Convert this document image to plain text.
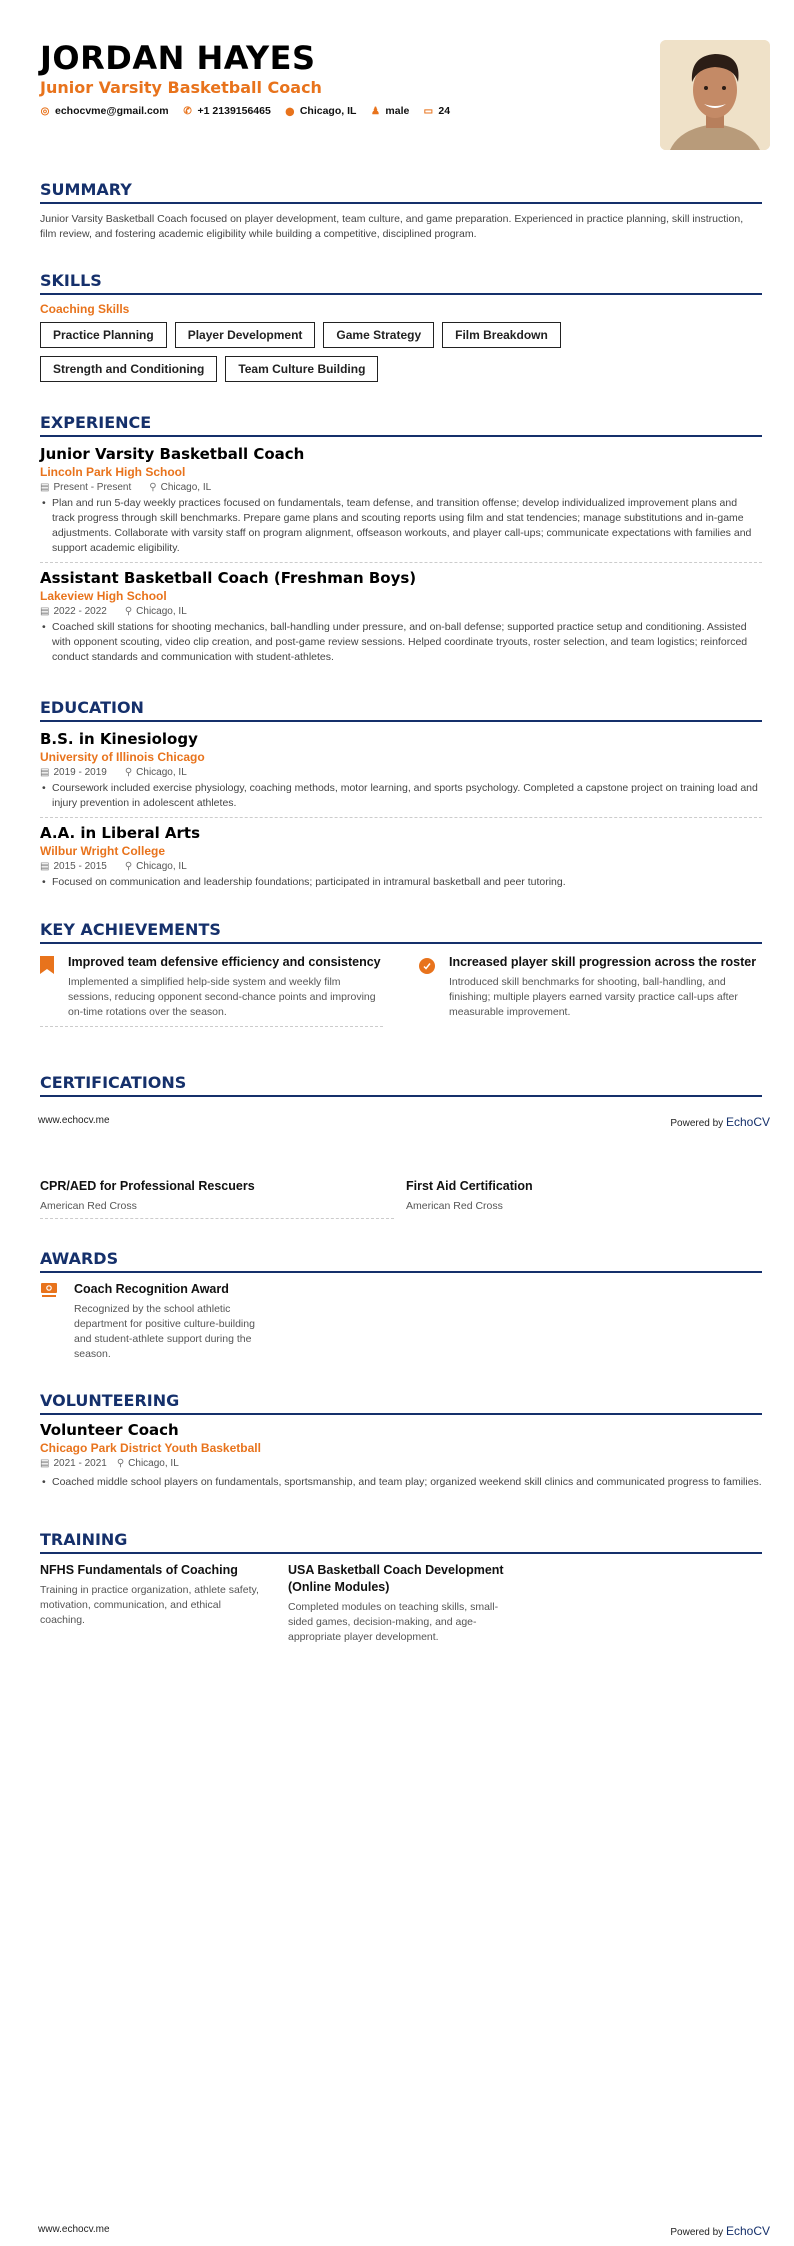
JORDAN HAYES
Junior Varsity Basketball Coach
◎ echocvme@gmail.com ✆ +1 2139156465 ⬤ Chicago, IL ♟ male ▭ 24
SUMMARY
Junior Varsity Basketball Coach focused on player development, team culture, and game preparation. Experienced in practice planning, skill instruction, film review, and fostering academic eligibility while building a competitive, disciplined program.
SKILLS
Coaching Skills
Practice Planning	Player Development	Game Strategy	Film Breakdown
Strength and Conditioning	Team Culture Building
EXPERIENCE
Junior Varsity Basketball Coach
Lincoln Park High School
▤ Present - Present ⚲ Chicago, IL
• Plan and run 5-day weekly practices focused on fundamentals, team defense, and transition offense; develop individualized improvement plans and track progress through skill benchmarks. Prepare game plans and scouting reports using film and stat tendencies; manage substitutions and in-game adjustments. Collaborate with varsity staff on program alignment, offseason workouts, and player call-ups; communicate expectations with families and support academic eligibility.
Assistant Basketball Coach (Freshman Boys)
Lakeview High School
▤ 2022 - 2022 ⚲ Chicago, IL
• Coached skill stations for shooting mechanics, ball-handling under pressure, and on-ball defense; supported practice setup and conditioning. Assisted with opponent scouting, video clip creation, and post-game review sessions. Helped coordinate tryouts, roster selection, and team logistics; reinforced conduct standards and communication with student-athletes.
EDUCATION
B.S. in Kinesiology
University of Illinois Chicago
▤ 2019 - 2019 ⚲ Chicago, IL
• Coursework included exercise physiology, coaching methods, motor learning, and sports psychology. Completed a capstone project on training load and injury prevention in adolescent athletes.
A.A. in Liberal Arts
Wilbur Wright College
▤ 2015 - 2015 ⚲ Chicago, IL
• Focused on communication and leadership foundations; participated in intramural basketball and peer tutoring.
KEY ACHIEVEMENTS
Improved team defensive efficiency and consistency
Implemented a simplified help-side system and weekly film sessions, reducing opponent second-chance points and improving on-time rotations over the season.
Increased player skill progression across the roster
Introduced skill benchmarks for shooting, ball-handling, and finishing; multiple players earned varsity practice call-ups after measurable improvement.
CERTIFICATIONS
www.echocv.me	Powered by EchoCV
CPR/AED for Professional Rescuers
American Red Cross
First Aid Certification
American Red Cross
AWARDS
Coach Recognition Award
Recognized by the school athletic department for positive culture-building and student-athlete support during the season.
VOLUNTEERING
Volunteer Coach
Chicago Park District Youth Basketball
▤ 2021 - 2021 ⚲ Chicago, IL
• Coached middle school players on fundamentals, sportsmanship, and team play; organized weekend skill clinics and communicated progress to families.
TRAINING
NFHS Fundamentals of Coaching
Training in practice organization, athlete safety, motivation, communication, and ethical coaching.
USA Basketball Coach Development (Online Modules)
Completed modules on teaching skills, small-sided games, decision-making, and age-appropriate player development.
www.echocv.me	Powered by EchoCV
